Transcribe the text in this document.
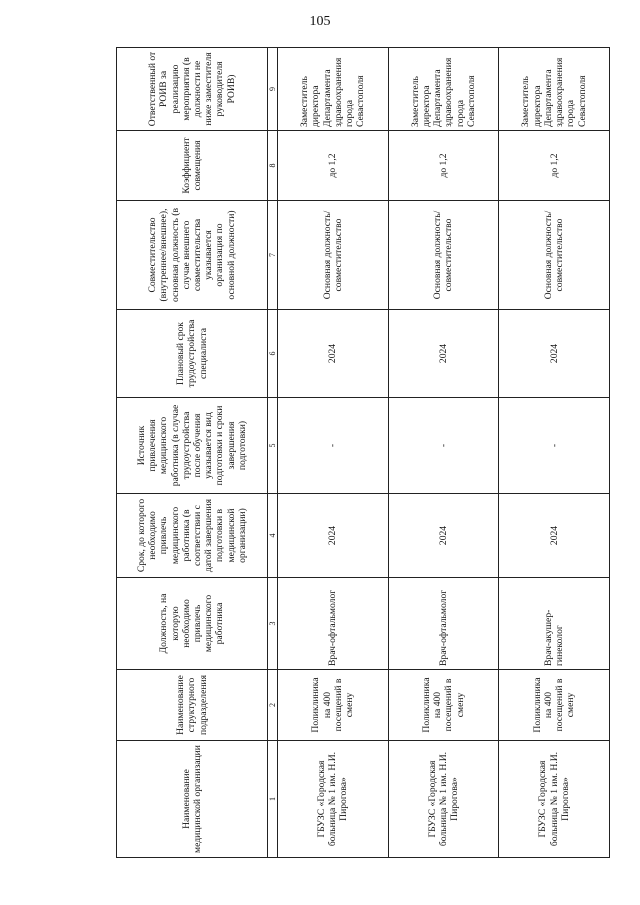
105
Наименование медицинской организации	Наименование структурного подразделения	Должность, на которую необходимо привлечь медицинского работника	Срок, до которого необходимо привлечь медицинского работника (в соответствии с датой завершения подготовки в медицинской организации)	Источник привлечения медицинского работника (в случае трудоустройства после обучения указывается вид подготовки и сроки завершения подготовки)	Плановый срок трудоустройства специалиста	Совместительство (внутреннее/внешнее), основная должность (в случае внешнего совместительства указывается организация по основной должности)	Коэффициент совмещения	Ответственный от РОИВ за реализацию мероприятия (в должности не ниже заместителя руководителя РОИВ)
1	2	3	4	5	6	7	8	9
ГБУЗС «Городская больница № 1 им. Н.И. Пирогова»	Поликлиника на 400 посещений в смену	Врач-офтальмолог	2024	-	2024	Основная должность/ совместительство	до 1,2	Заместитель директора Департамента здравоохранения города Севастополя
ГБУЗС «Городская больница № 1 им. Н.И. Пирогова»	Поликлиника на 400 посещений в смену	Врач-офтальмолог	2024	-	2024	Основная должность/ совместительство	до 1,2	Заместитель директора Департамента здравоохранения города Севастополя
ГБУЗС «Городская больница № 1 им. Н.И. Пирогова»	Поликлиника на 400 посещений в смену	Врач-акушер-гинеколог	2024	-	2024	Основная должность/ совместительство	до 1,2	Заместитель директора Департамента здравоохранения города Севастополя
